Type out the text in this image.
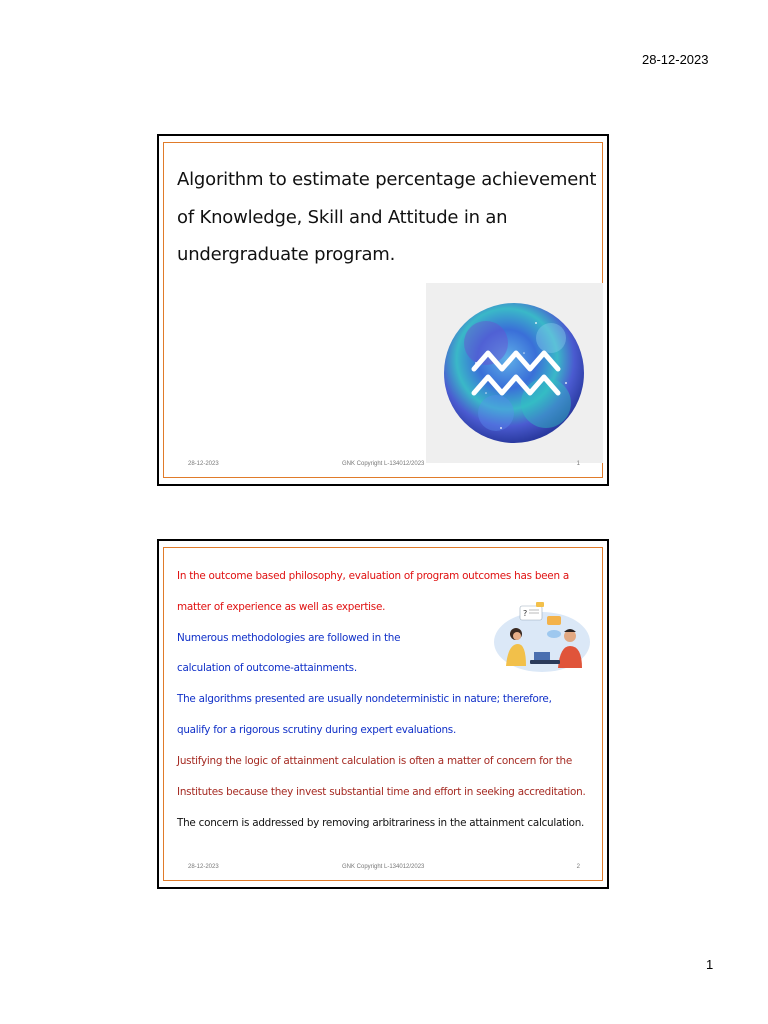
28-12-2023
Algorithm to estimate percentage achievement
of Knowledge, Skill and Attitude in an
undergraduate program.
28-12-2023	GNK Copyright L-134012/2023	1
In the outcome based philosophy, evaluation of program outcomes has been a
matter of experience as well as expertise.
Numerous methodologies are followed in the
calculation of outcome-attainments.
The algorithms presented are usually nondeterministic in nature; therefore,
qualify for a rigorous scrutiny during expert evaluations.
Justifying the logic of attainment calculation is often a matter of concern for the
Institutes because they invest substantial time and effort in seeking accreditation.
The concern is addressed by removing arbitrariness in the attainment calculation.
?
28-12-2023	GNK Copyright L-134012/2023	2
1
